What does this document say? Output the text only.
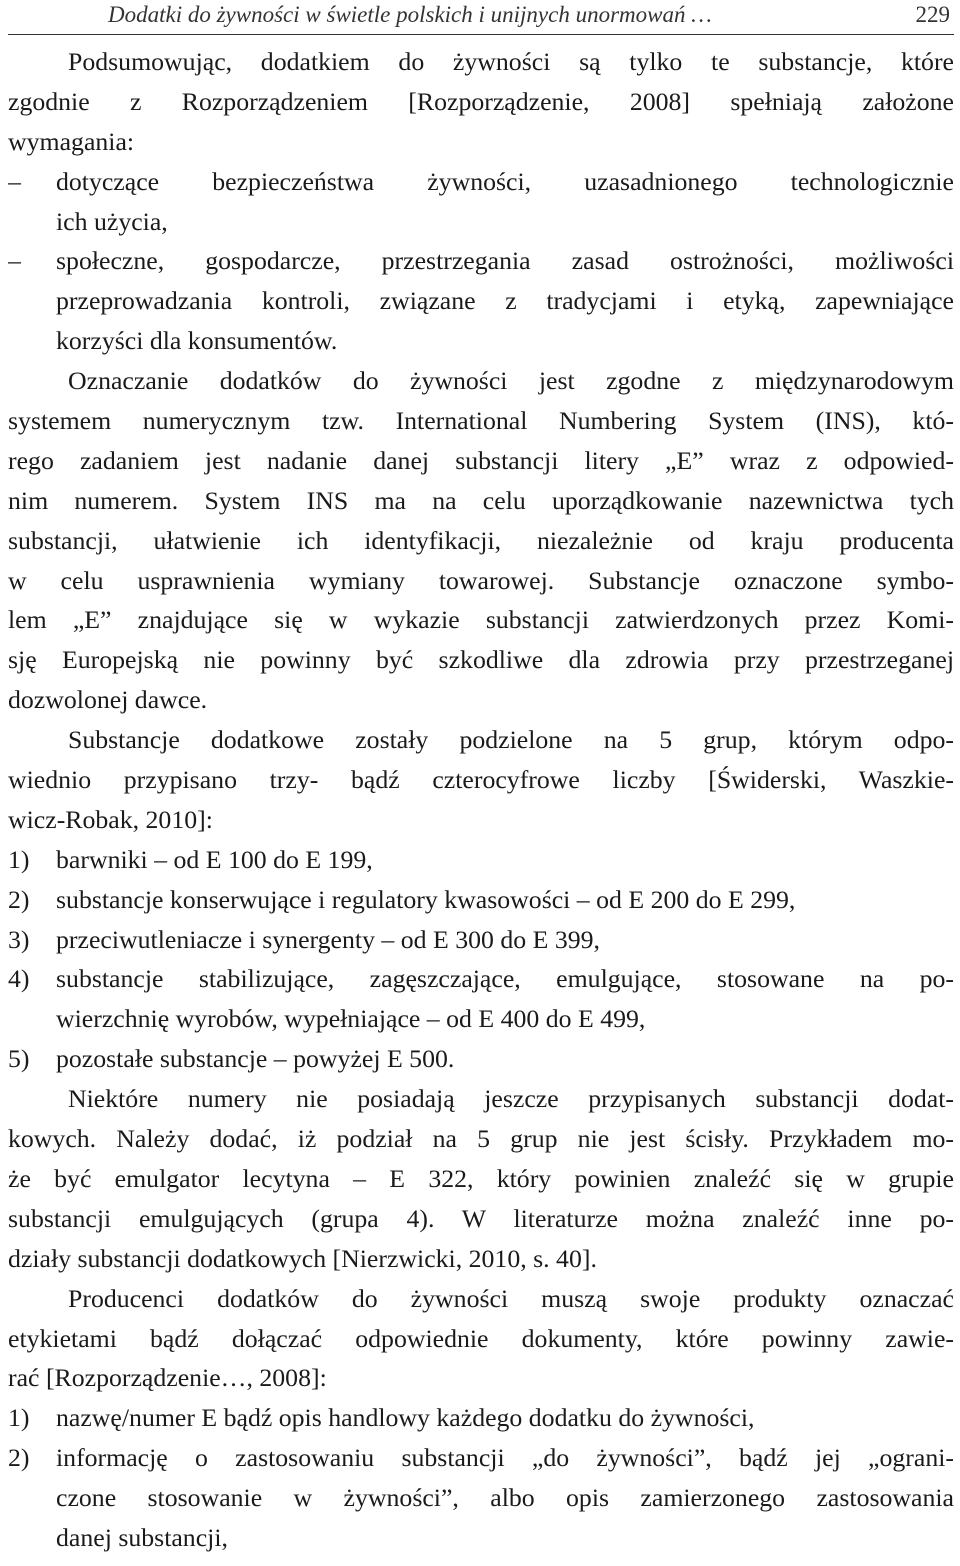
Dodatki do żywności w świetle polskich i unijnych unormowań …	229
Podsumowując, dodatkiem do żywności są tylko te substancje, które
zgodnie z Rozporządzeniem [Rozporządzenie, 2008] spełniają założone
wymagania:
– dotyczące bezpieczeństwa żywności, uzasadnionego technologicznie
ich użycia,
– społeczne, gospodarcze, przestrzegania zasad ostrożności, możliwości
przeprowadzania kontroli, związane z tradycjami i etyką, zapewniające
korzyści dla konsumentów.
Oznaczanie dodatków do żywności jest zgodne z międzynarodowym
systemem numerycznym tzw. International Numbering System (INS), któ-
rego zadaniem jest nadanie danej substancji litery „E” wraz z odpowied-
nim numerem. System INS ma na celu uporządkowanie nazewnictwa tych
substancji, ułatwienie ich identyfikacji, niezależnie od kraju producenta
w celu usprawnienia wymiany towarowej. Substancje oznaczone symbo-
lem „E” znajdujące się w wykazie substancji zatwierdzonych przez Komi-
sję Europejską nie powinny być szkodliwe dla zdrowia przy przestrzeganej
dozwolonej dawce.
Substancje dodatkowe zostały podzielone na 5 grup, którym odpo-
wiednio przypisano trzy- bądź czterocyfrowe liczby [Świderski, Waszkie-
wicz-Robak, 2010]:
1) barwniki – od E 100 do E 199,
2) substancje konserwujące i regulatory kwasowości – od E 200 do E 299,
3) przeciwutleniacze i synergenty – od E 300 do E 399,
4) substancje stabilizujące, zagęszczające, emulgujące, stosowane na po-
wierzchnię wyrobów, wypełniające – od E 400 do E 499,
5) pozostałe substancje – powyżej E 500.
Niektóre numery nie posiadają jeszcze przypisanych substancji dodat-
kowych. Należy dodać, iż podział na 5 grup nie jest ścisły. Przykładem mo-
że być emulgator lecytyna – E 322, który powinien znaleźć się w grupie
substancji emulgujących (grupa 4). W literaturze można znaleźć inne po-
działy substancji dodatkowych [Nierzwicki, 2010, s. 40].
Producenci dodatków do żywności muszą swoje produkty oznaczać
etykietami bądź dołączać odpowiednie dokumenty, które powinny zawie-
rać [Rozporządzenie…, 2008]:
1) nazwę/numer E bądź opis handlowy każdego dodatku do żywności,
2) informację o zastosowaniu substancji „do żywności”, bądź jej „ograni-
czone stosowanie w żywności”, albo opis zamierzonego zastosowania
danej substancji,
